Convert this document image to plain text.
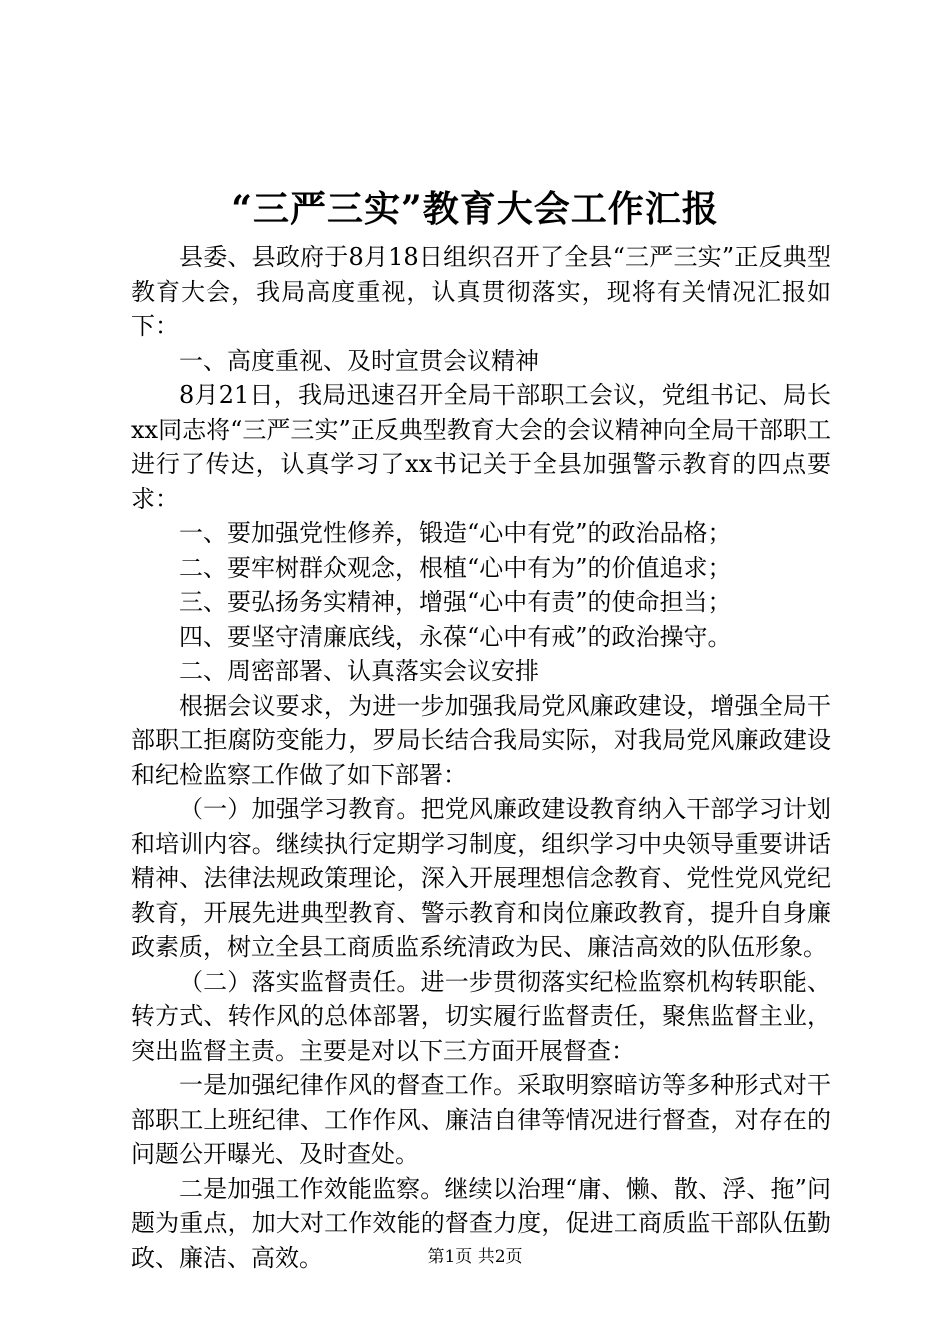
“三严三实”教育大会工作汇报

县委、县政府于8月18日组织召开了全县“三严三实”正反典型教育大会，我局高度重视，认真贯彻落实，现将有关情况汇报如下：

一、高度重视、及时宣贯会议精神

8月21日，我局迅速召开全局干部职工会议，党组书记、局长xx同志将“三严三实”正反典型教育大会的会议精神向全局干部职工进行了传达，认真学习了xx书记关于全县加强警示教育的四点要求：

一、要加强党性修养，锻造“心中有党”的政治品格；

二、要牢树群众观念，根植“心中有为”的价值追求；

三、要弘扬务实精神，增强“心中有责”的使命担当；

四、要坚守清廉底线，永葆“心中有戒”的政治操守。

二、周密部署、认真落实会议安排

根据会议要求，为进一步加强我局党风廉政建设，增强全局干部职工拒腐防变能力，罗局长结合我局实际，对我局党风廉政建设和纪检监察工作做了如下部署：

（一）加强学习教育。把党风廉政建设教育纳入干部学习计划和培训内容。继续执行定期学习制度，组织学习中央领导重要讲话精神、法律法规政策理论，深入开展理想信念教育、党性党风党纪教育，开展先进典型教育、警示教育和岗位廉政教育，提升自身廉政素质，树立全县工商质监系统清政为民、廉洁高效的队伍形象。

（二）落实监督责任。进一步贯彻落实纪检监察机构转职能、转方式、转作风的总体部署，切实履行监督责任，聚焦监督主业，突出监督主责。主要是对以下三方面开展督查：

一是加强纪律作风的督查工作。采取明察暗访等多种形式对干部职工上班纪律、工作作风、廉洁自律等情况进行督查，对存在的问题公开曝光、及时查处。

二是加强工作效能监察。继续以治理“庸、懒、散、浮、拖”问题为重点，加大对工作效能的督查力度，促进工商质监干部队伍勤政、廉洁、高效。	第1页 共2页
